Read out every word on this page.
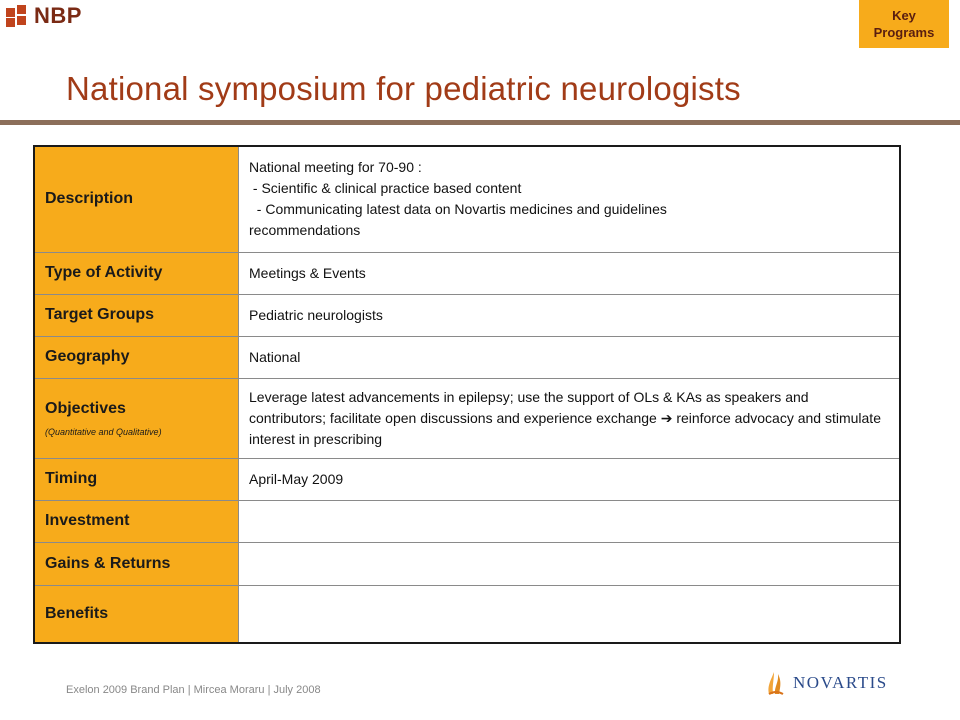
NBP	Key
Programs
National symposium for pediatric neurologists
Description	National meeting for 70-90 :
- Scientific & clinical practice based content
- Communicating latest data on Novartis medicines and guidelines
recommendations

Type of Activity	Meetings & Events
Target Groups	Pediatric neurologists
Geography	National
Objectives
(Quantitative and Qualitative)	Leverage latest advancements in epilepsy; use the support of OLs & KAs as speakers and contributors; facilitate open discussions and experience exchange ➔ reinforce advocacy and stimulate interest in prescribing
Timing	April-May 2009
Investment	
Gains & Returns	
Benefits	
Exelon 2009 Brand Plan | Mircea Moraru | July 2008	NOVARTIS
